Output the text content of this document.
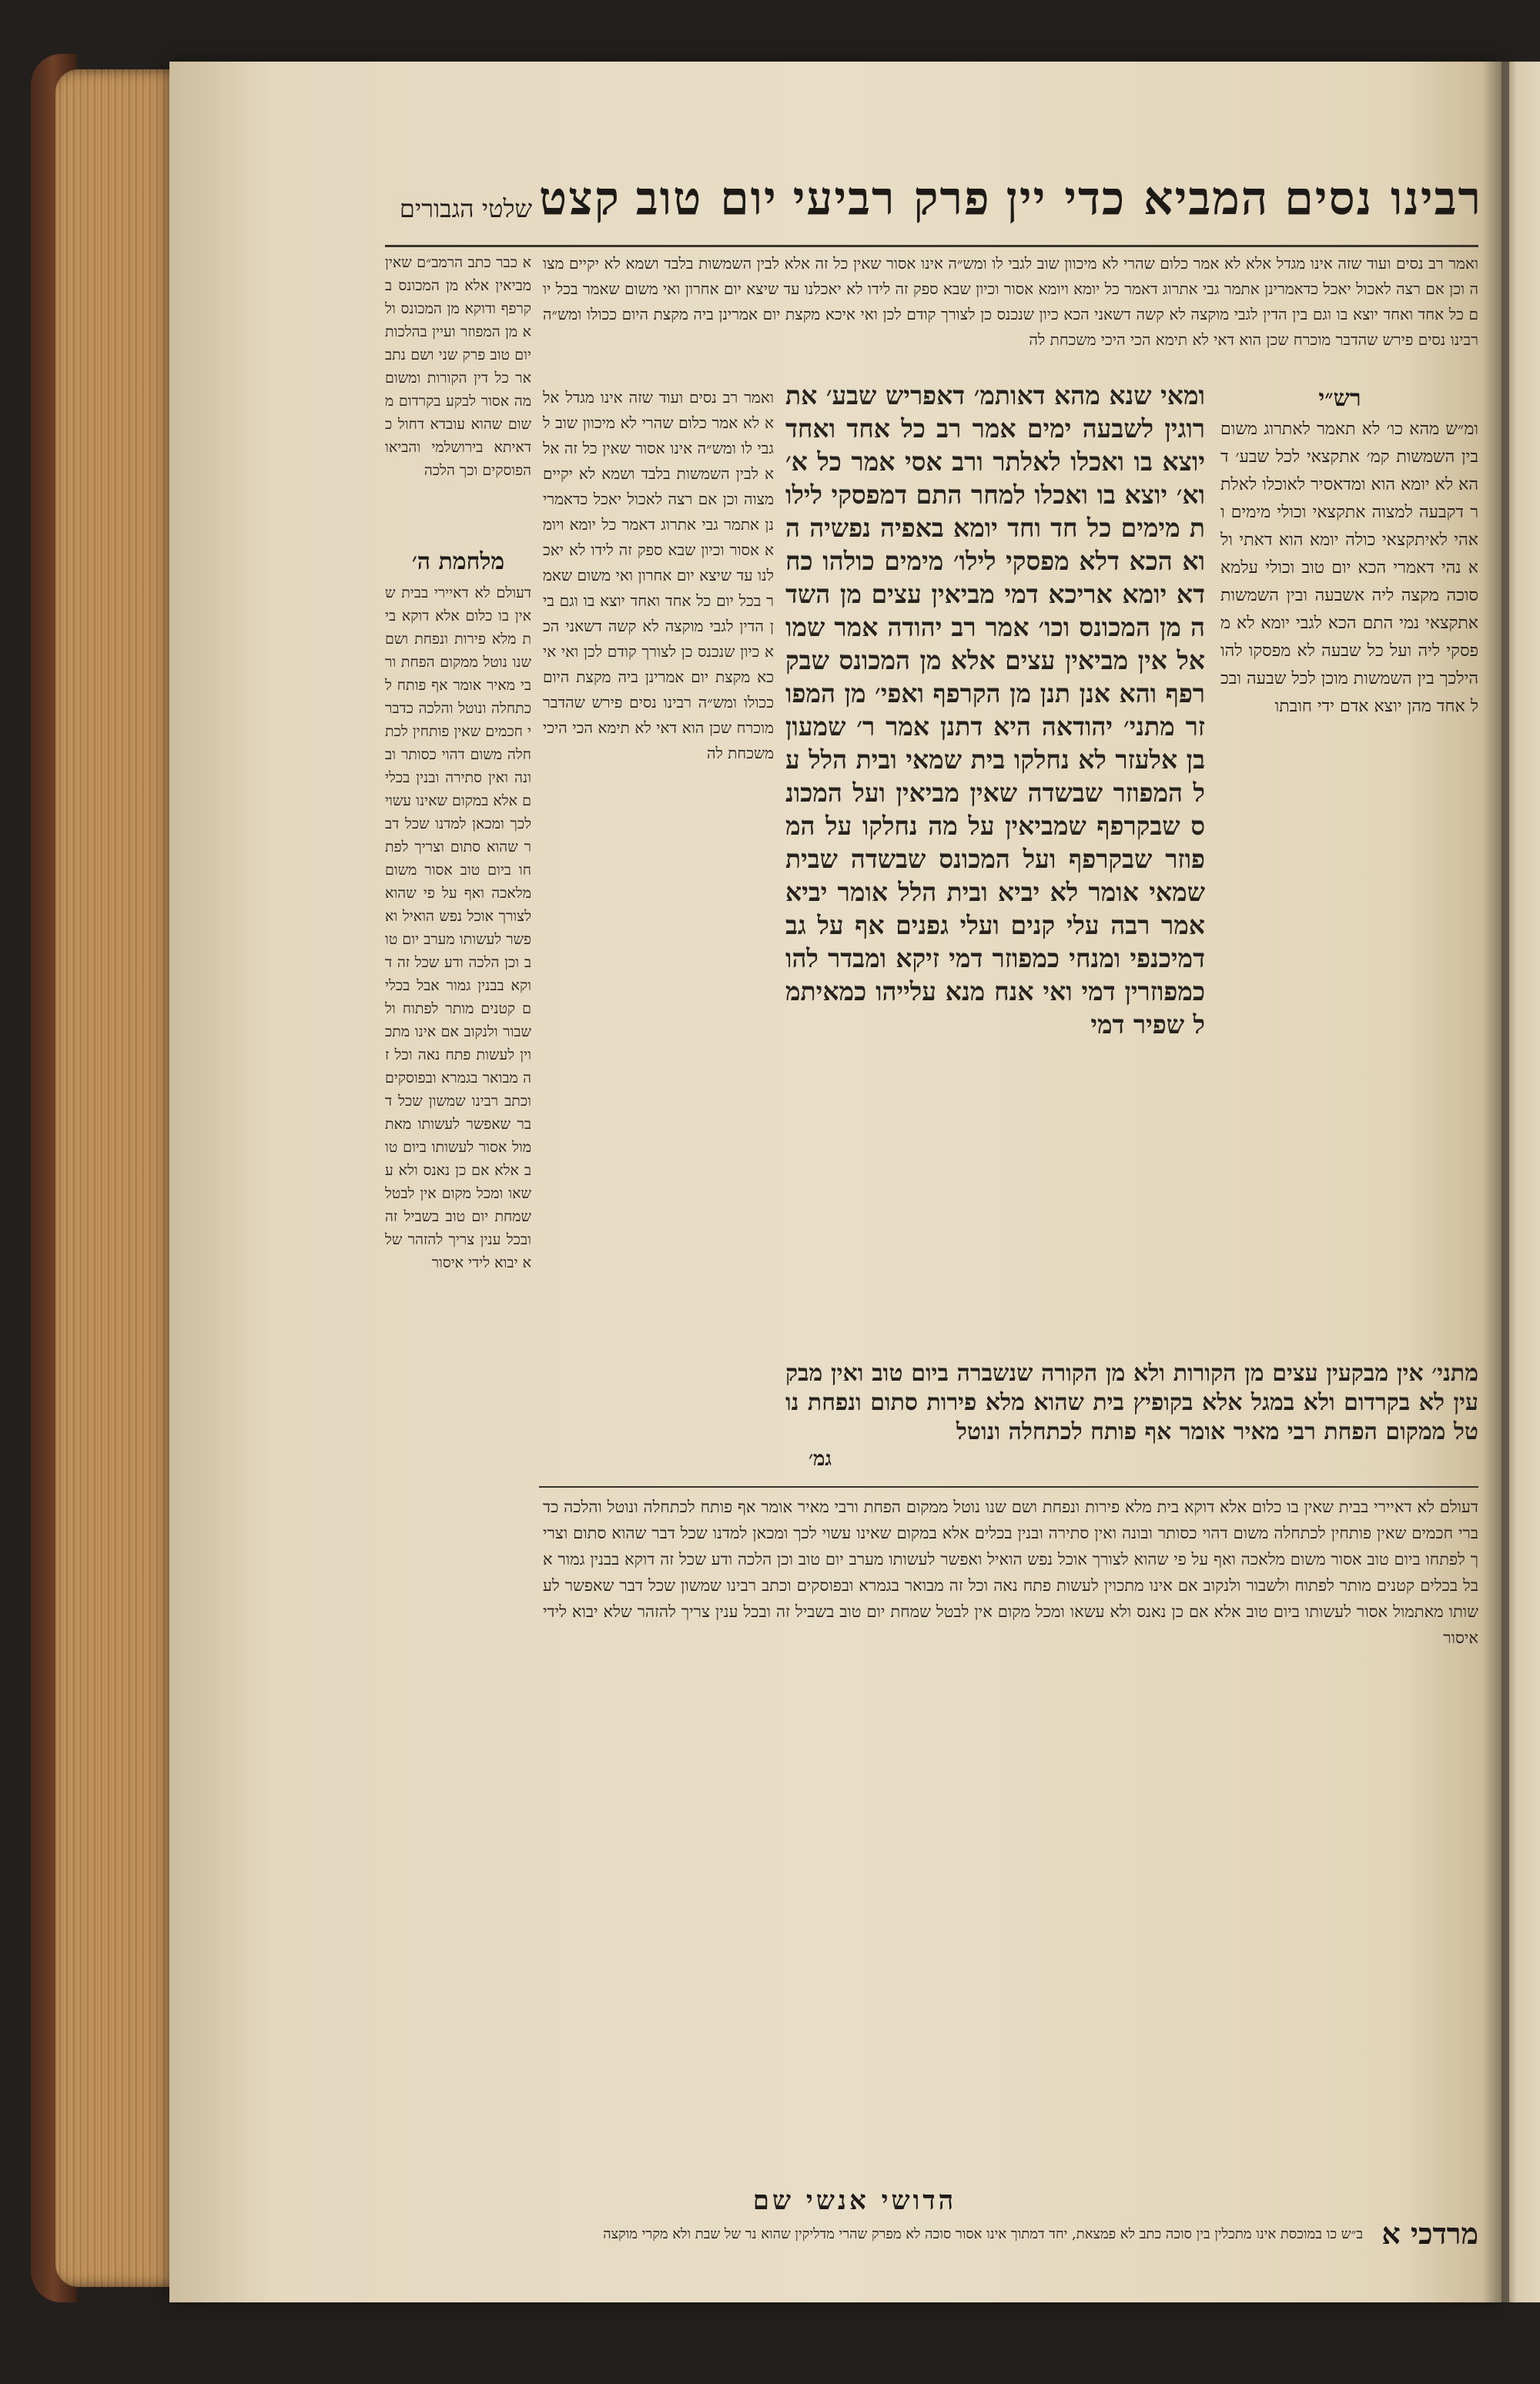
רבינו נסים
המביא כדי יין
פרק רביעי
יום טוב
קצט
שלטי הגבורים
ואמר רב נסים ועוד שזה אינו מגדל אלא לא אמר כלום שהרי לא מיכוון שוב לגבי לו ומש״ה אינו אסור שאין כל זה אלא לבין השמשות בלבד ושמא לא יקיים מצוה וכן אם רצה לאכול יאכל כדאמרינן אתמר גבי אתרוג דאמר כל יומא ויומא אסור וכיון שבא ספק זה לידו לא יאכלנו עד שיצא יום אחרון ואי משום שאמר בכל יום כל אחד ואחד יוצא בו וגם בין הדין לגבי מוקצה לא קשה דשאני הכא כיון שנכנס כן לצורך קודם לכן ואי איכא מקצת יום אמרינן ביה מקצת היום ככולו ומש״ה רבינו נסים פירש שהדבר מוכרח שכן הוא דאי לא תימא הכי היכי משכחת לה
רש״י
ומ״ש מהא כו׳ לא תאמר לאתרוג משום בין השמשות קמ׳ אתקצאי לכל שבע׳ דהא לא יומא הוא ומדאסיר לאוכלו לאלתר דקבעה למצוה אתקצאי וכולי מימים ואהי לאיתקצאי כולה יומא הוא דאתי ולא נהי דאמרי הכא יום טוב וכולי עלמא סוכה מקצה ליה אשבעה ובין השמשות אתקצאי נמי התם הכא לגבי יומא לא מפסקי ליה ועל כל שבעה לא מפסקו להו הילכך בין השמשות מוכן לכל שבעה ובכל אחד מהן יוצא אדם ידי חובתו
ומאי שנא מהא דאותמ׳ דאפריש שבע׳ אתרוגין לשבעה ימים אמר רב כל אחד ואחד יוצא בו ואכלו לאלתר ורב אסי אמר כל א׳ וא׳ יוצא בו ואכלו למחר התם דמפסקי לילות מימים כל חד וחד יומא באפיה נפשיה הוא הכא דלא מפסקי לילו׳ מימים כולהו כחדא יומא אריכא דמי מביאין עצים מן השדה מן המכונס וכו׳ אמר רב יהודה אמר שמואל אין מביאין עצים אלא מן המכונס שבקרפף והא אנן תנן מן הקרפף ואפי׳ מן המפוזר מתני׳ יהודאה היא דתנן אמר ר׳ שמעון בן אלעזר לא נחלקו בית שמאי ובית הלל על המפוזר שבשדה שאין מביאין ועל המכונס שבקרפף שמביאין על מה נחלקו על המפוזר שבקרפף ועל המכונס שבשדה שבית שמאי אומר לא יביא ובית הלל אומר יביא אמר רבה עלי קנים ועלי גפנים אף על גב דמיכנפי ומנחי כמפוזר דמי זיקא ומבדר להו כמפוזרין דמי ואי אנח מנא עלייהו כמאיתמל שפיר דמי
מתני׳ אין מבקעין עצים מן הקורות ולא מן הקורה שנשברה ביום טוב ואין מבקעין לא בקרדום ולא במגל אלא בקופיץ בית שהוא מלא פירות סתום ונפחת נוטל ממקום הפחת רבי מאיר אומר אף פותח לכתחלה ונוטל
גמ׳
ואמר רב נסים ועוד שזה אינו מגדל אלא לא אמר כלום שהרי לא מיכוון שוב לגבי לו ומש״ה אינו אסור שאין כל זה אלא לבין השמשות בלבד ושמא לא יקיים מצוה וכן אם רצה לאכול יאכל כדאמרינן אתמר גבי אתרוג דאמר כל יומא ויומא אסור וכיון שבא ספק זה לידו לא יאכלנו עד שיצא יום אחרון ואי משום שאמר בכל יום כל אחד ואחד יוצא בו וגם בין הדין לגבי מוקצה לא קשה דשאני הכא כיון שנכנס כן לצורך קודם לכן ואי איכא מקצת יום אמרינן ביה מקצת היום ככולו ומש״ה רבינו נסים פירש שהדבר מוכרח שכן הוא דאי לא תימא הכי היכי משכחת לה
א כבר כתב הרמב״ם שאין מביאין אלא מן המכונס בקרפף ודוקא מן המכונס ולא מן המפוזר ועיין בהלכות יום טוב פרק שני ושם נתבאר כל דין הקורות ומשום מה אסור לבקע בקרדום משום שהוא עובדא דחול כדאיתא בירושלמי והביאו הפוסקים וכך הלכה
מלחמת ה׳
דעולם לא דאיירי בבית שאין בו כלום אלא דוקא בית מלא פירות ונפחת ושם שנו נוטל ממקום הפחת ורבי מאיר אומר אף פותח לכתחלה ונוטל והלכה כדברי חכמים שאין פותחין לכתחלה משום דהוי כסותר ובונה ואין סתירה ובנין בכלים אלא במקום שאינו עשוי לכך ומכאן למדנו שכל דבר שהוא סתום וצריך לפתחו ביום טוב אסור משום מלאכה ואף על פי שהוא לצורך אוכל נפש הואיל ואפשר לעשותו מערב יום טוב וכן הלכה ודע שכל זה דוקא בבנין גמור אבל בכלים קטנים מותר לפתוח ולשבור ולנקוב אם אינו מתכוין לעשות פתח נאה וכל זה מבואר בגמרא ובפוסקים וכתב רבינו שמשון שכל דבר שאפשר לעשותו מאתמול אסור לעשותו ביום טוב אלא אם כן נאנס ולא עשאו ומכל מקום אין לבטל שמחת יום טוב בשביל זה ובכל ענין צריך להזהר שלא יבוא לידי איסור
דעולם לא דאיירי בבית שאין בו כלום אלא דוקא בית מלא פירות ונפחת ושם שנו נוטל ממקום הפחת ורבי מאיר אומר אף פותח לכתחלה ונוטל והלכה כדברי חכמים שאין פותחין לכתחלה משום דהוי כסותר ובונה ואין סתירה ובנין בכלים אלא במקום שאינו עשוי לכך ומכאן למדנו שכל דבר שהוא סתום וצריך לפתחו ביום טוב אסור משום מלאכה ואף על פי שהוא לצורך אוכל נפש הואיל ואפשר לעשותו מערב יום טוב וכן הלכה ודע שכל זה דוקא בבנין גמור אבל בכלים קטנים מותר לפתוח ולשבור ולנקוב אם אינו מתכוין לעשות פתח נאה וכל זה מבואר בגמרא ובפוסקים וכתב רבינו שמשון שכל דבר שאפשר לעשותו מאתמול אסור לעשותו ביום טוב אלא אם כן נאנס ולא עשאו ומכל מקום אין לבטל שמחת יום טוב בשביל זה ובכל ענין צריך להזהר שלא יבוא לידי איסור
הדושי אנשי שם
מרדכי א
ב״ש כו במוכסת אינו מתכלין בין סוכה כתב לא פמצאת, יחד דמתוך אינו אסור סוכה לא מפרק שהרי מדליקין שהוא נר של שבת ולא מקרי מוקצה
